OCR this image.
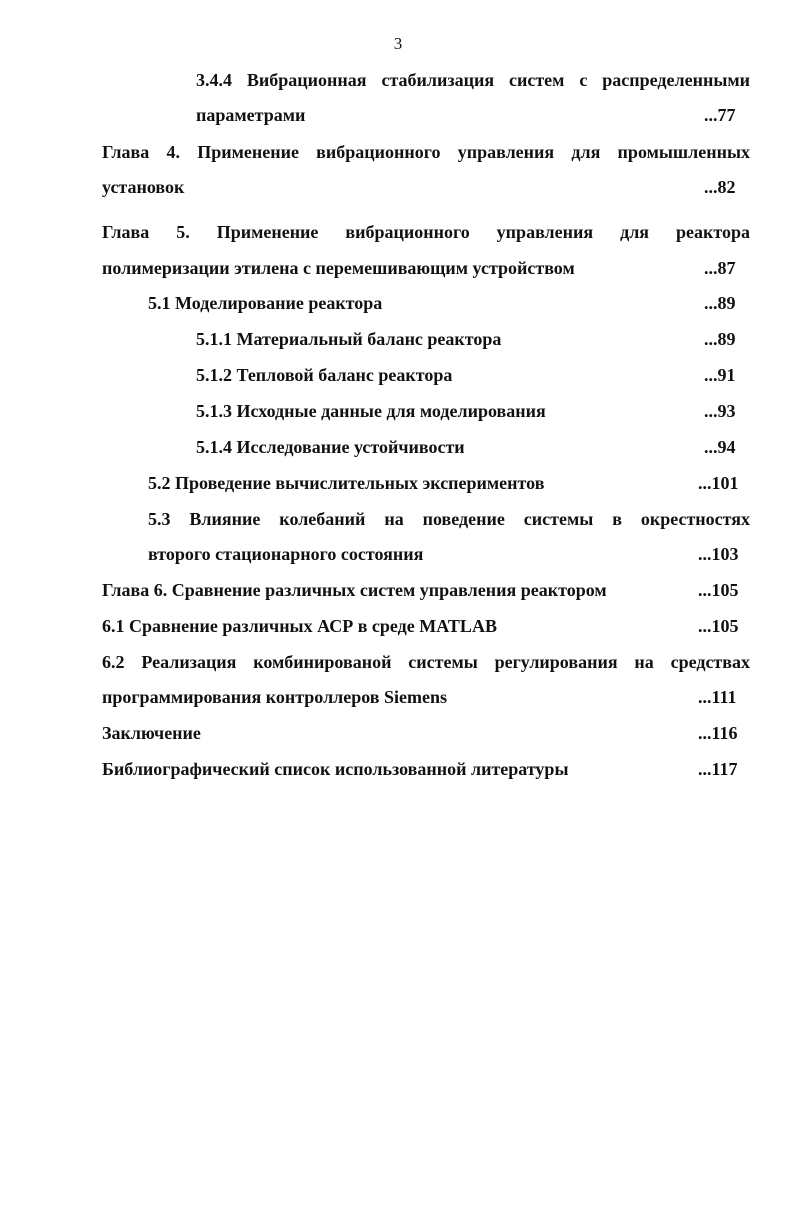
3
3.4.4 Вибрационная стабилизация систем с распределенными
параметрами	...77
Глава 4. Применение вибрационного управления для промышленных
установок	...82
Глава 5. Применение вибрационного управления для реактора
полимеризации этилена с перемешивающим устройством	...87
5.1 Моделирование реактора	...89
5.1.1 Материальный баланс реактора	...89
5.1.2 Тепловой баланс реактора	...91
5.1.3 Исходные данные для моделирования	...93
5.1.4 Исследование устойчивости	...94
5.2 Проведение вычислительных экспериментов	...101
5.3 Влияние колебаний на поведение системы в окрестностях
второго стационарного состояния	...103
Глава 6. Сравнение различных систем управления реактором	...105
6.1 Сравнение различных АСР в среде MATLAB	...105
6.2 Реализация комбинированой системы регулирования на средствах
программирования контроллеров Siemens	...111
Заключение	...116
Библиографический список использованной литературы	...117
